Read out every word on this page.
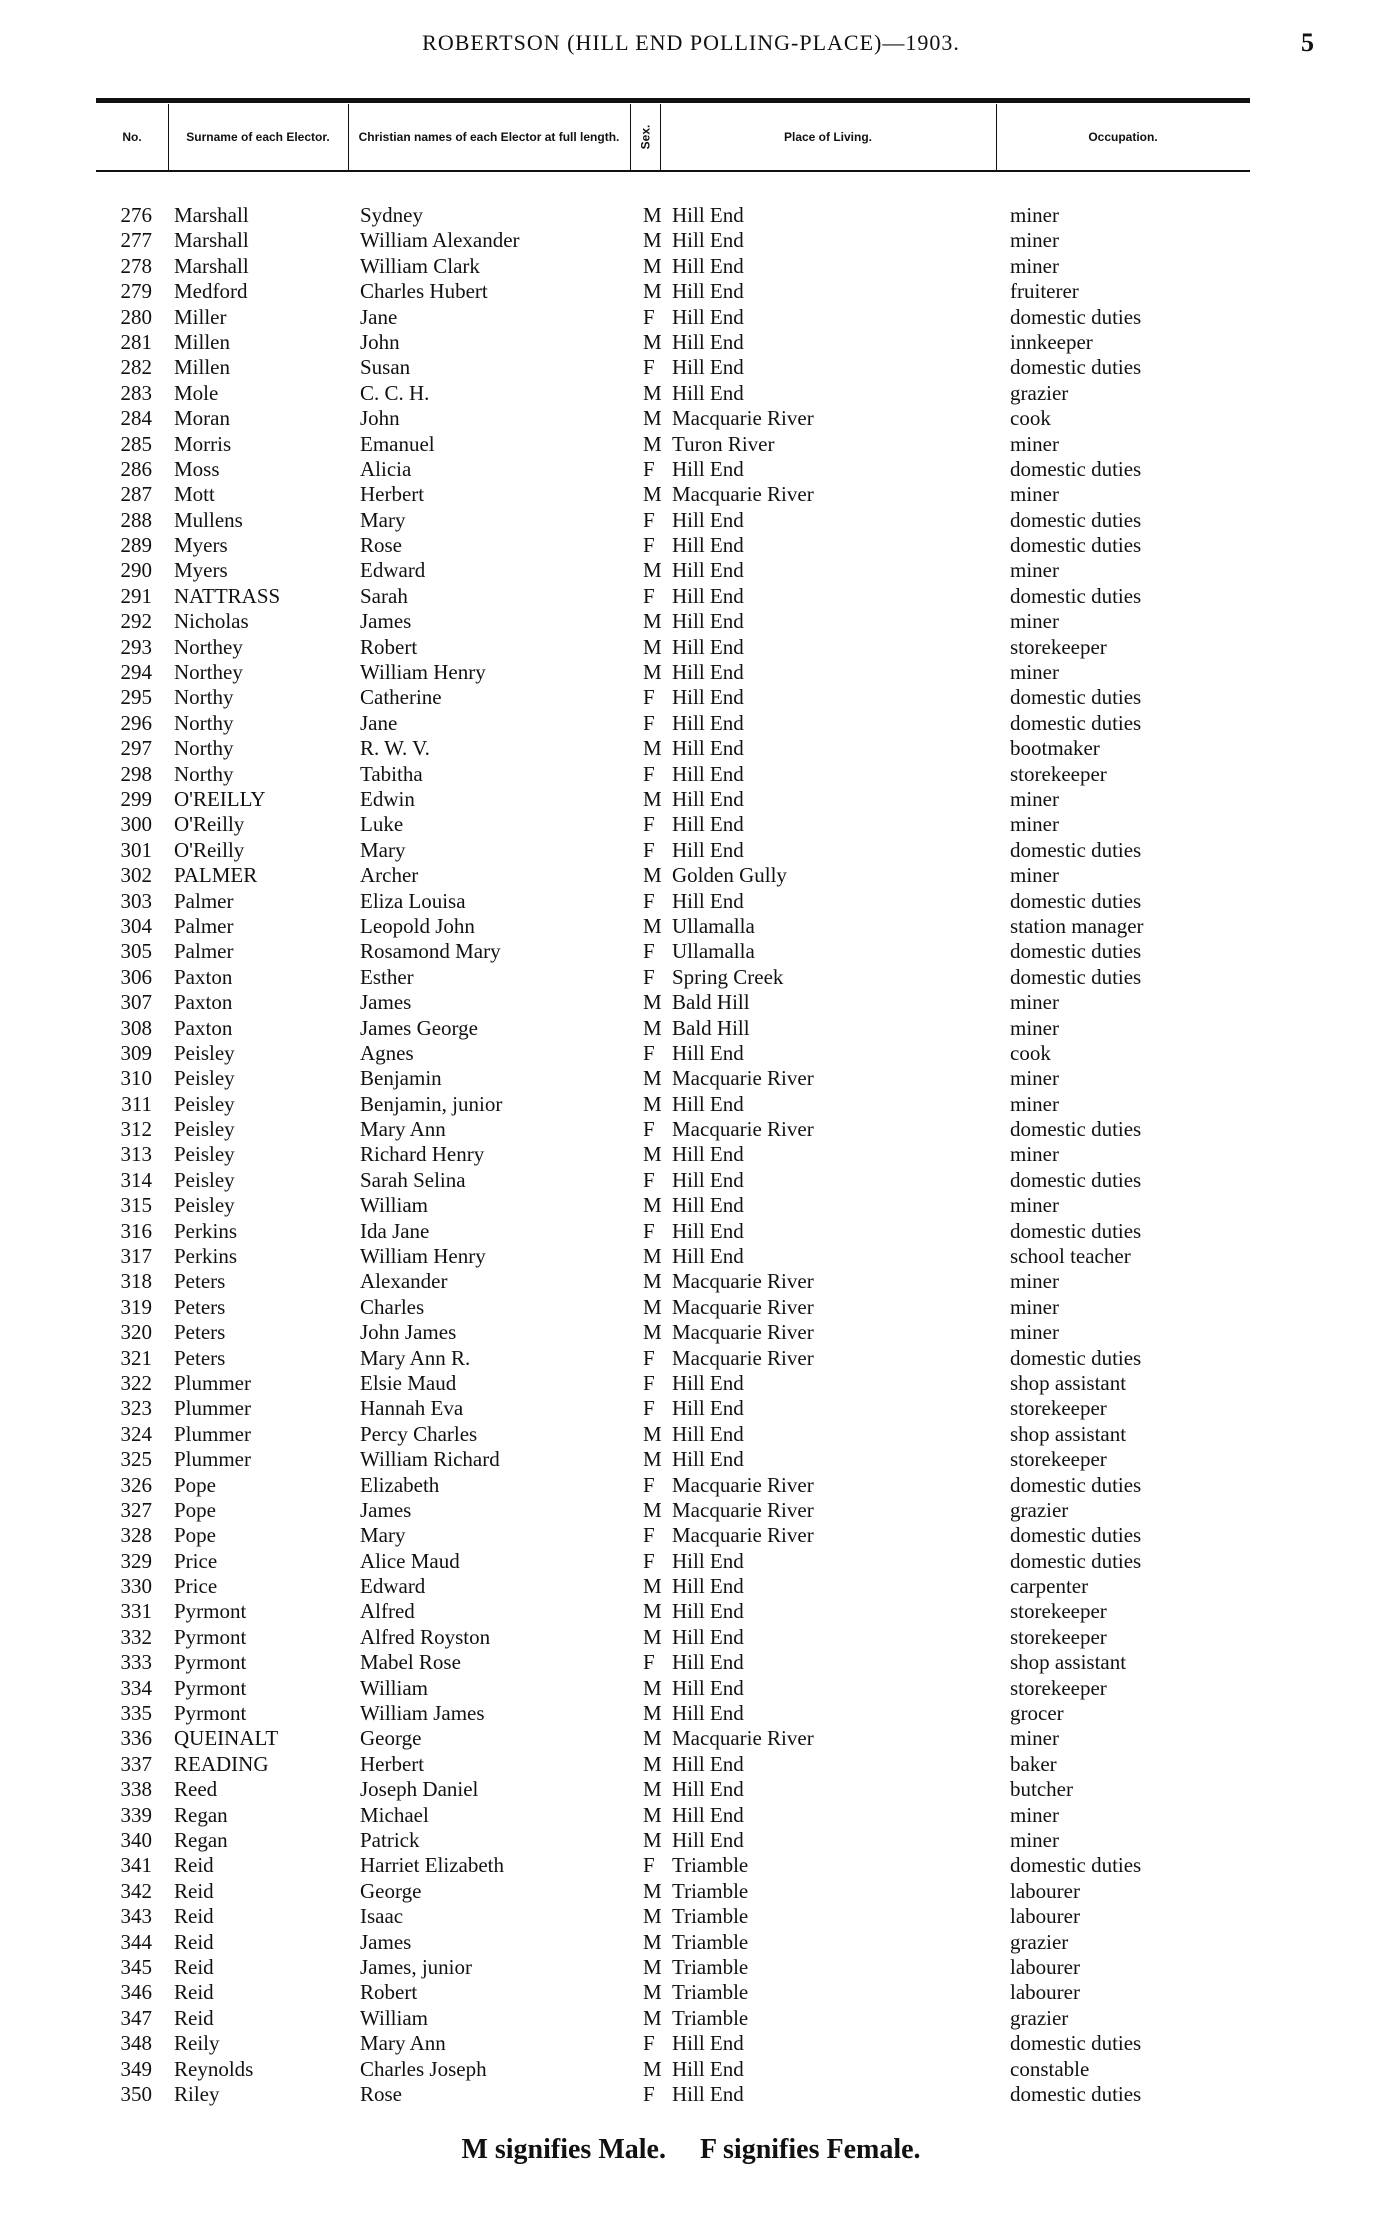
ROBERTSON (HILL END POLLING-PLACE)—1903.	5
No.	Surname of each Elector.	Christian names of each Elector at full length.	Sex.	Place of Living.	Occupation.
276 Marshall	Sydney	M Hill End	miner
277 Marshall	William Alexander	M Hill End	miner
278 Marshall	William Clark	M Hill End	miner
279 Medford	Charles Hubert	M Hill End	fruiterer
280 Miller	Jane	F Hill End	domestic duties
281 Millen	John	M Hill End	innkeeper
282 Millen	Susan	F Hill End	domestic duties
283 Mole	C. C. H.	M Hill End	grazier
284 Moran	John	M Macquarie River	cook
285 Morris	Emanuel	M Turon River	miner
286 Moss	Alicia	F Hill End	domestic duties
287 Mott	Herbert	M Macquarie River	miner
288 Mullens	Mary	F Hill End	domestic duties
289 Myers	Rose	F Hill End	domestic duties
290 Myers	Edward	M Hill End	miner
291 NATTRASS	Sarah	F Hill End	domestic duties
292 Nicholas	James	M Hill End	miner
293 Northey	Robert	M Hill End	storekeeper
294 Northey	William Henry	M Hill End	miner
295 Northy	Catherine	F Hill End	domestic duties
296 Northy	Jane	F Hill End	domestic duties
297 Northy	R. W. V.	M Hill End	bootmaker
298 Northy	Tabitha	F Hill End	storekeeper
299 O'REILLY	Edwin	M Hill End	miner
300 O'Reilly	Luke	F Hill End	miner
301 O'Reilly	Mary	F Hill End	domestic duties
302 PALMER	Archer	M Golden Gully	miner
303 Palmer	Eliza Louisa	F Hill End	domestic duties
304 Palmer	Leopold John	M Ullamalla	station manager
305 Palmer	Rosamond Mary	F Ullamalla	domestic duties
306 Paxton	Esther	F Spring Creek	domestic duties
307 Paxton	James	M Bald Hill	miner
308 Paxton	James George	M Bald Hill	miner
309 Peisley	Agnes	F Hill End	cook
310 Peisley	Benjamin	M Macquarie River	miner
311 Peisley	Benjamin, junior	M Hill End	miner
312 Peisley	Mary Ann	F Macquarie River	domestic duties
313 Peisley	Richard Henry	M Hill End	miner
314 Peisley	Sarah Selina	F Hill End	domestic duties
315 Peisley	William	M Hill End	miner
316 Perkins	Ida Jane	F Hill End	domestic duties
317 Perkins	William Henry	M Hill End	school teacher
318 Peters	Alexander	M Macquarie River	miner
319 Peters	Charles	M Macquarie River	miner
320 Peters	John James	M Macquarie River	miner
321 Peters	Mary Ann R.	F Macquarie River	domestic duties
322 Plummer	Elsie Maud	F Hill End	shop assistant
323 Plummer	Hannah Eva	F Hill End	storekeeper
324 Plummer	Percy Charles	M Hill End	shop assistant
325 Plummer	William Richard	M Hill End	storekeeper
326 Pope	Elizabeth	F Macquarie River	domestic duties
327 Pope	James	M Macquarie River	grazier
328 Pope	Mary	F Macquarie River	domestic duties
329 Price	Alice Maud	F Hill End	domestic duties
330 Price	Edward	M Hill End	carpenter
331 Pyrmont	Alfred	M Hill End	storekeeper
332 Pyrmont	Alfred Royston	M Hill End	storekeeper
333 Pyrmont	Mabel Rose	F Hill End	shop assistant
334 Pyrmont	William	M Hill End	storekeeper
335 Pyrmont	William James	M Hill End	grocer
336 QUEINALT	George	M Macquarie River	miner
337 READING	Herbert	M Hill End	baker
338 Reed	Joseph Daniel	M Hill End	butcher
339 Regan	Michael	M Hill End	miner
340 Regan	Patrick	M Hill End	miner
341 Reid	Harriet Elizabeth	F Triamble	domestic duties
342 Reid	George	M Triamble	labourer
343 Reid	Isaac	M Triamble	labourer
344 Reid	James	M Triamble	grazier
345 Reid	James, junior	M Triamble	labourer
346 Reid	Robert	M Triamble	labourer
347 Reid	William	M Triamble	grazier
348 Reily	Mary Ann	F Hill End	domestic duties
349 Reynolds	Charles Joseph	M Hill End	constable
350 Riley	Rose	F Hill End	domestic duties
M signifies Male. F signifies Female.
